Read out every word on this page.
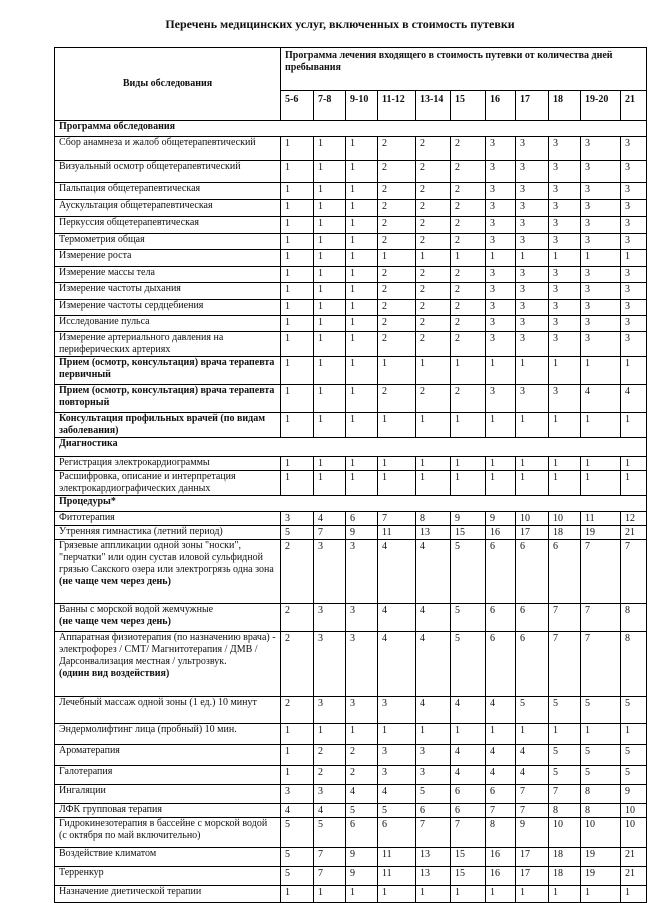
Перечень медицинских услуг, включенных в стоимость путевки
Виды обследования	Программа лечения входящего в стоимость путевки от количества дней пребывания										
	5-6	7-8	9-10	11-12	13-14	15	16	17	18	19-20	21
Программа обследования											
Сбор анамнеза и жалоб общетерапевтический	1	1	1	2	2	2	3	3	3	3	3
Визуальный осмотр общетерапевтический	1	1	1	2	2	2	3	3	3	3	3
Пальпация общетерапевтическая	1	1	1	2	2	2	3	3	3	3	3
Аускультация общетерапевтическая	1	1	1	2	2	2	3	3	3	3	3
Перкуссия общетерапевтическая	1	1	1	2	2	2	3	3	3	3	3
Термометрия общая	1	1	1	2	2	2	3	3	3	3	3
Измерение роста	1	1	1	1	1	1	1	1	1	1	1
Измерение массы тела	1	1	1	2	2	2	3	3	3	3	3
Измерение частоты дыхания	1	1	1	2	2	2	3	3	3	3	3
Измерение частоты сердцебиения	1	1	1	2	2	2	3	3	3	3	3
Исследование пульса	1	1	1	2	2	2	3	3	3	3	3
Измерение артериального давления на периферических артериях	1	1	1	2	2	2	3	3	3	3	3
Прием (осмотр, консультация) врача терапевта первичный	1	1	1	1	1	1	1	1	1	1	1
Прием (осмотр, консультация) врача терапевта повторный	1	1	1	2	2	2	3	3	3	4	4
Консультация профильных врачей (по видам заболевания)	1	1	1	1	1	1	1	1	1	1	1
Диагностика											
Регистрация электрокардиограммы	1	1	1	1	1	1	1	1	1	1	1
Расшифровка, описание и интерпретация электрокардиографических данных	1	1	1	1	1	1	1	1	1	1	1
Процедуры*											
Фитотерапия	3	4	6	7	8	9	9	10	10	11	12
Утренняя гимнастика (летний период)	5	7	9	11	13	15	16	17	18	19	21
Грязевые аппликации одной зоны "носки", "перчатки" или один сустав иловой сульфидной грязью Сакского озера или электрогрязь одна зона (не чаще чем через день)	2	3	3	4	4	5	6	6	6	7	7
Ванны с морской водой жемчужные
(не чаще чем через день)	2	3	3	4	4	5	6	6	7	7	8
Аппаратная физиотерапия (по назначению врача) - электрофорез / СМТ/ Магнитотерапия / ДМВ / Дарсонвализация местная / ультрозвук.
(одиин вид воздействия)	2	3	3	4	4	5	6	6	7	7	8
Лечебный массаж одной зоны (1 ед.) 10 минут	2	3	3	3	4	4	4	5	5	5	5
Эндермолифтинг лица (пробный) 10 мин.	1	1	1	1	1	1	1	1	1	1	1
Ароматерапия	1	2	2	3	3	4	4	4	5	5	5
Галотерапия	1	2	2	3	3	4	4	4	5	5	5
Ингаляции	3	3	4	4	5	6	6	7	7	8	9
ЛФК групповая терапия	4	4	5	5	6	6	7	7	8	8	10
Гидрокинезотерапия в бассейне с морской водой (с октября по май включительно)	5	5	6	6	7	7	8	9	10	10	10
Воздействие климатом	5	7	9	11	13	15	16	17	18	19	21
Терренкур	5	7	9	11	13	15	16	17	18	19	21
Назначение диетической терапии	1	1	1	1	1	1	1	1	1	1	1
